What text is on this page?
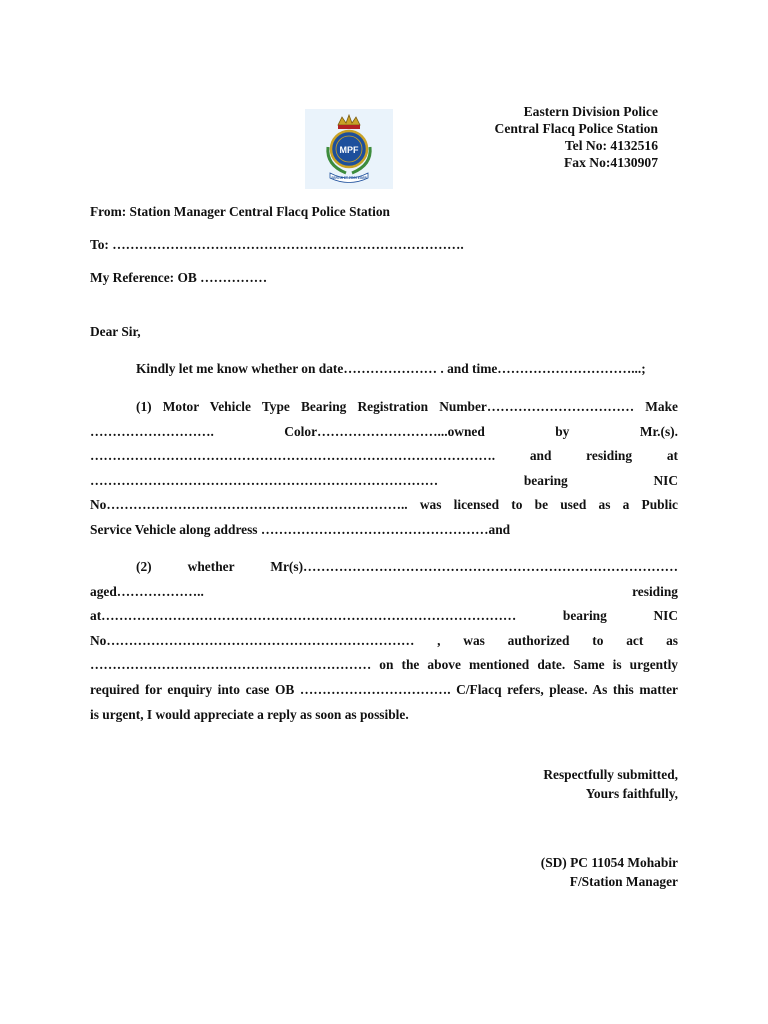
MPF
SERVIR ET PROTEGER
Eastern Division Police
Central Flacq Police Station
Tel No: 4132516
Fax No:4130907
From: Station Manager Central Flacq Police Station
To: …………………………………………………………………….
My Reference: OB ……………
Dear Sir,
Kindly let me know whether on date………………… . and time…………………………...;
(1) Motor Vehicle Type Bearing Registration Number…………………………… Make
………………………. Color………………………...owned by Mr.(s).
………………………………………………………………………………. and residing at
…………………………………………………………………… bearing NIC
No………………………………………………………….. was licensed to be used as a Public
Service Vehicle along address ……………………………………………and
(2) whether Mr(s)…………………………………………………………………………
aged……………….. residing
at………………………………………………………………………………… bearing NIC
No…………………………………………………………… , was authorized to act as
……………………………………………………… on the above mentioned date. Same is urgently
required for enquiry into case OB ……………………………. C/Flacq refers, please. As this matter
is urgent, I would appreciate a reply as soon as possible.
Respectfully submitted,
Yours faithfully,
(SD) PC 11054 Mohabir
F/Station Manager
